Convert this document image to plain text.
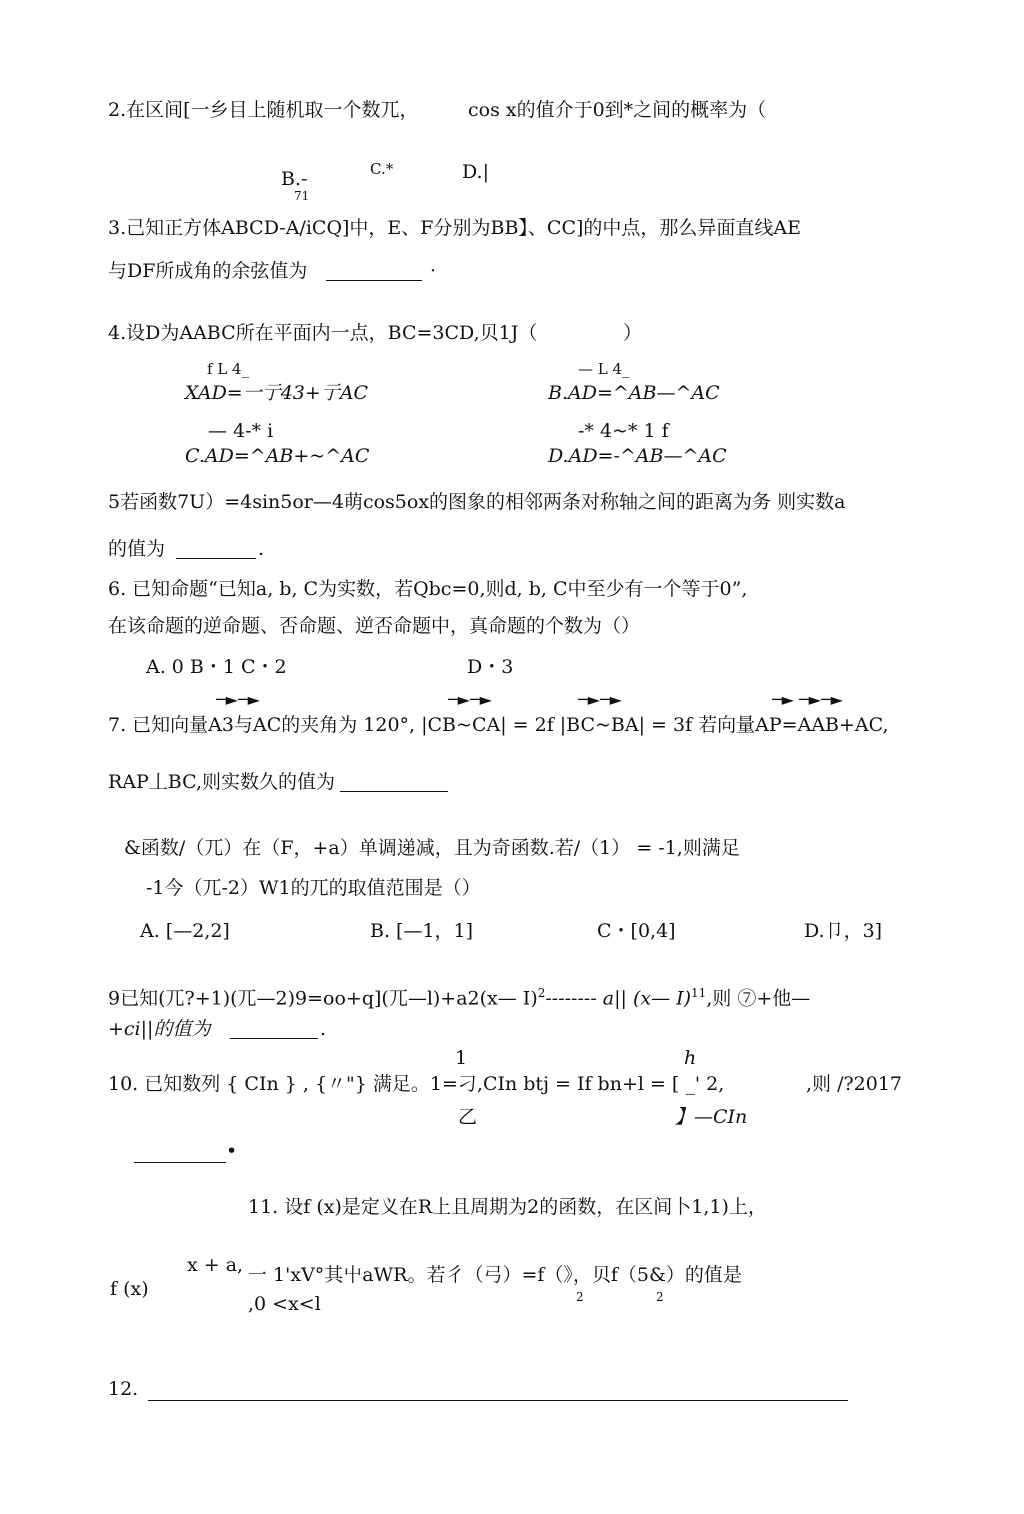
2.在区间[一乡目上随机取一个数兀，	cos x的值介于0到*之间的概率为（
B.-
71
C.*	D.|
3.己知正方体ABCD-A/iCQ]中，E、F分别为BB】、CC]的中点，那么异面直线AE
与DF所成角的余弦值为	·
4.设D为AABC所在平面内一点，BC=3CD,贝1J（	）
f L 4_
XAD=一亍43+亍AC
— L 4_
B.AD=^AB—^AC
— 4-* i
C.AD=^AB+~^AC
-* 4~* 1 f
D.AD=-^AB—^AC
5若函数7U）=4sin5or—4萌cos5ox的图象的相邻两条对称轴之间的距离为务 则实数a
的值为	.
6. 已知命题“已知a, b, C为实数，若Qbc=0,则d, b, C中至少有一个等于0”,
在该命题的逆命题、否命题、逆否命题中，真命题的个数为（）
A. 0 B・1 C・2	D・3
─►─►	─►─►	─►─►	─► ─►─►
7. 已知向量A3与AC的夹角为 120°, |CB~CA| = 2f |BC~BA| = 3f 若向量AP=AAB+AC,
RAP丄BC,则实数久的值为
&函数/（兀）在（F，+a）单调递减，且为奇函数.若/（1） = -1,则满足
-1今（兀-2）W1的兀的取值范围是（）
A. [—2,2]	B. [—1，1]	C・[0,4]	D.卩，3]
9已知(兀?+1)(兀—2)9=oo+q](兀—l)+a2(x— I)$^2$-------- a|| (x— I)$^{11}$,则 ⑦+他—
+ci||的值为	.
1	h
10. 已知数列 { CIn } , {〃"} 满足。1=刁,CIn btj = If bn+l = [ _' 2,	,则 /?2017
乙	】—CIn
•
11. 设f (x)是定义在R上且周期为2的函数，在区间卜1,1)上，
f (x)
x + a, 一 1'xV°其屮aWR。若彳（弓）=f（》，贝f（5&）的值是
,0 <x<l	2	2
12.
